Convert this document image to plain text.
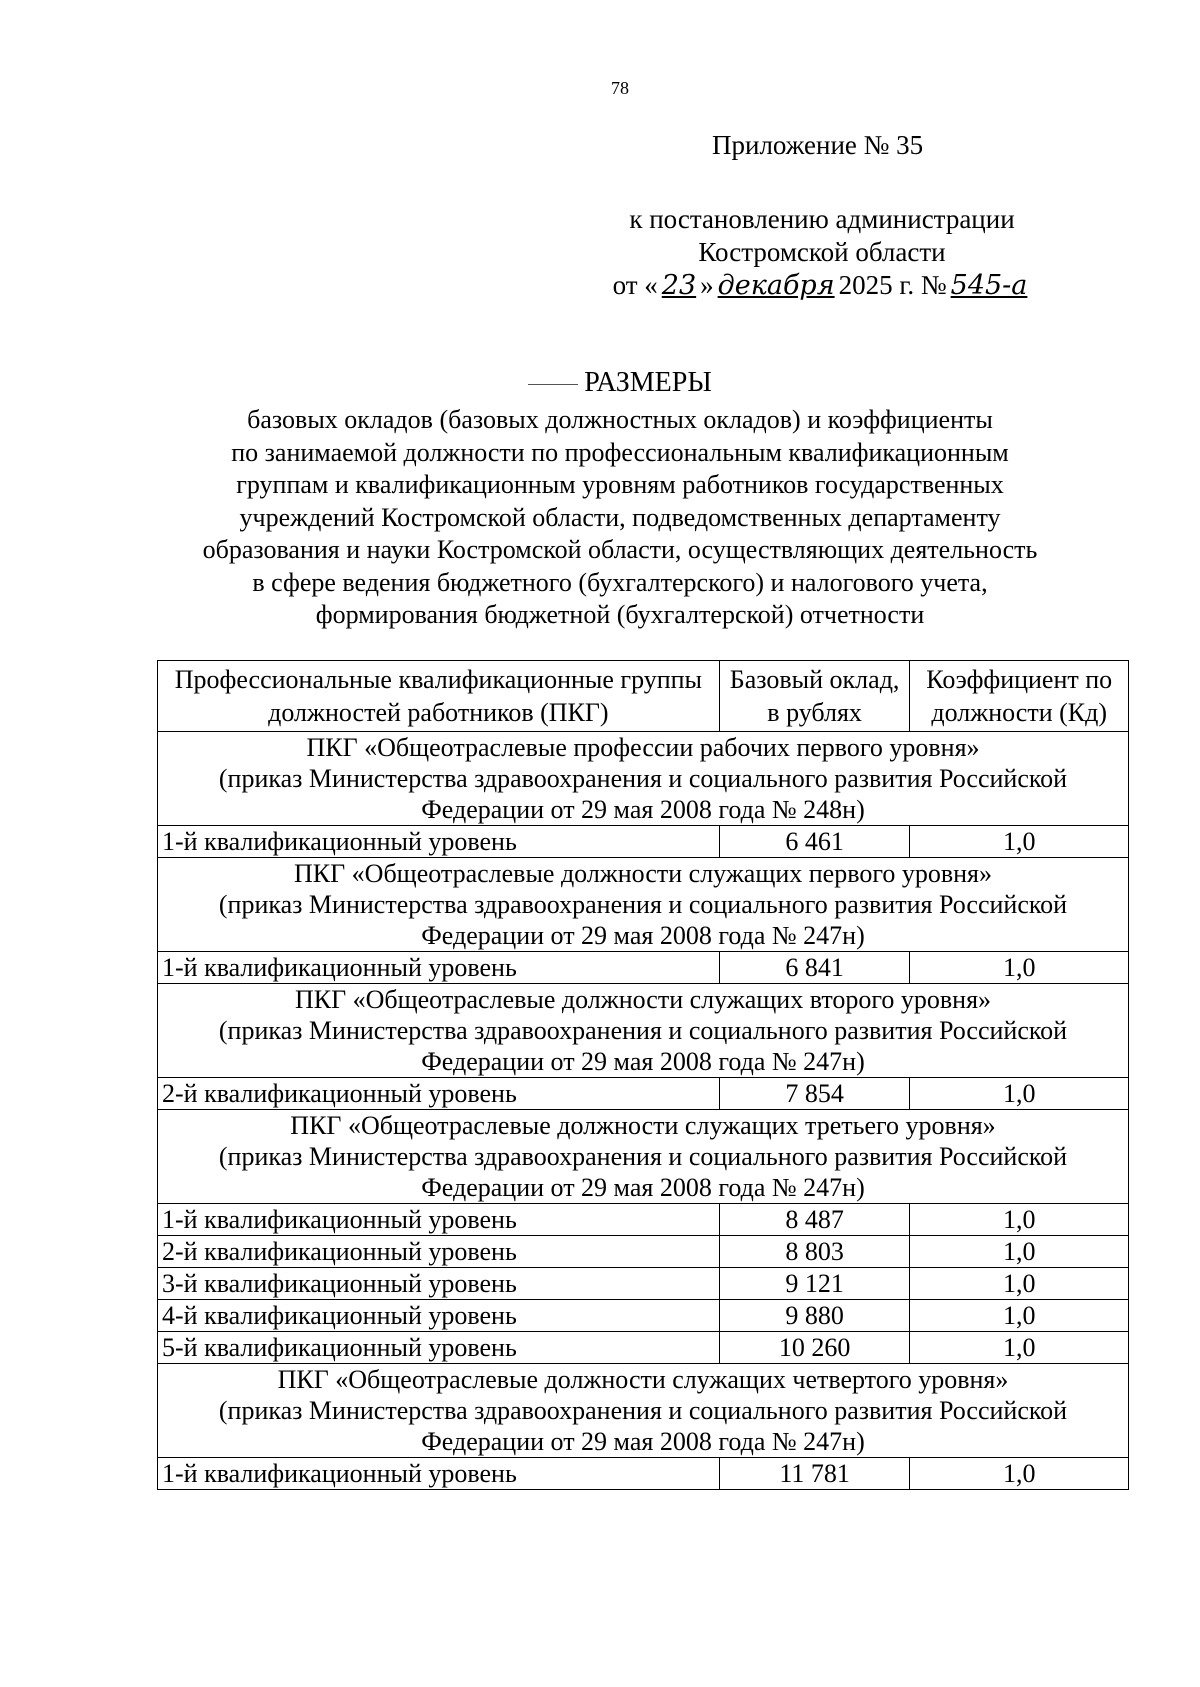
78
Приложение № 35
к постановлению администрации
Костромской области
от « 23 » декабря 2025 г. № 545-а
РАЗМЕРЫ
базовых окладов (базовых должностных окладов) и коэффициенты
по занимаемой должности по профессиональным квалификационным
группам и квалификационным уровням работников государственных
учреждений Костромской области, подведомственных департаменту
образования и науки Костромской области, осуществляющих деятельность
в сфере ведения бюджетного (бухгалтерского) и налогового учета,
формирования бюджетной (бухгалтерской) отчетности
Профессиональные квалификационные группы должностей работников (ПКГ)	Базовый оклад, в рублях	Коэффициент по должности (Кд)

ПКГ «Общеотраслевые профессии рабочих первого уровня»
(приказ Министерства здравоохранения и социального развития Российской
Федерации от 29 мая 2008 года № 248н)		

1-й квалификационный уровень	6 461	1,0

ПКГ «Общеотраслевые должности служащих первого уровня»
(приказ Министерства здравоохранения и социального развития Российской
Федерации от 29 мая 2008 года № 247н)		

1-й квалификационный уровень	6 841	1,0

ПКГ «Общеотраслевые должности служащих второго уровня»
(приказ Министерства здравоохранения и социального развития Российской
Федерации от 29 мая 2008 года № 247н)		

2-й квалификационный уровень	7 854	1,0

ПКГ «Общеотраслевые должности служащих третьего уровня»
(приказ Министерства здравоохранения и социального развития Российской
Федерации от 29 мая 2008 года № 247н)		

1-й квалификационный уровень	8 487	1,0
2-й квалификационный уровень	8 803	1,0
3-й квалификационный уровень	9 121	1,0
4-й квалификационный уровень	9 880	1,0
5-й квалификационный уровень	10 260	1,0

ПКГ «Общеотраслевые должности служащих четвертого уровня»
(приказ Министерства здравоохранения и социального развития Российской
Федерации от 29 мая 2008 года № 247н)		

1-й квалификационный уровень	11 781	1,0
